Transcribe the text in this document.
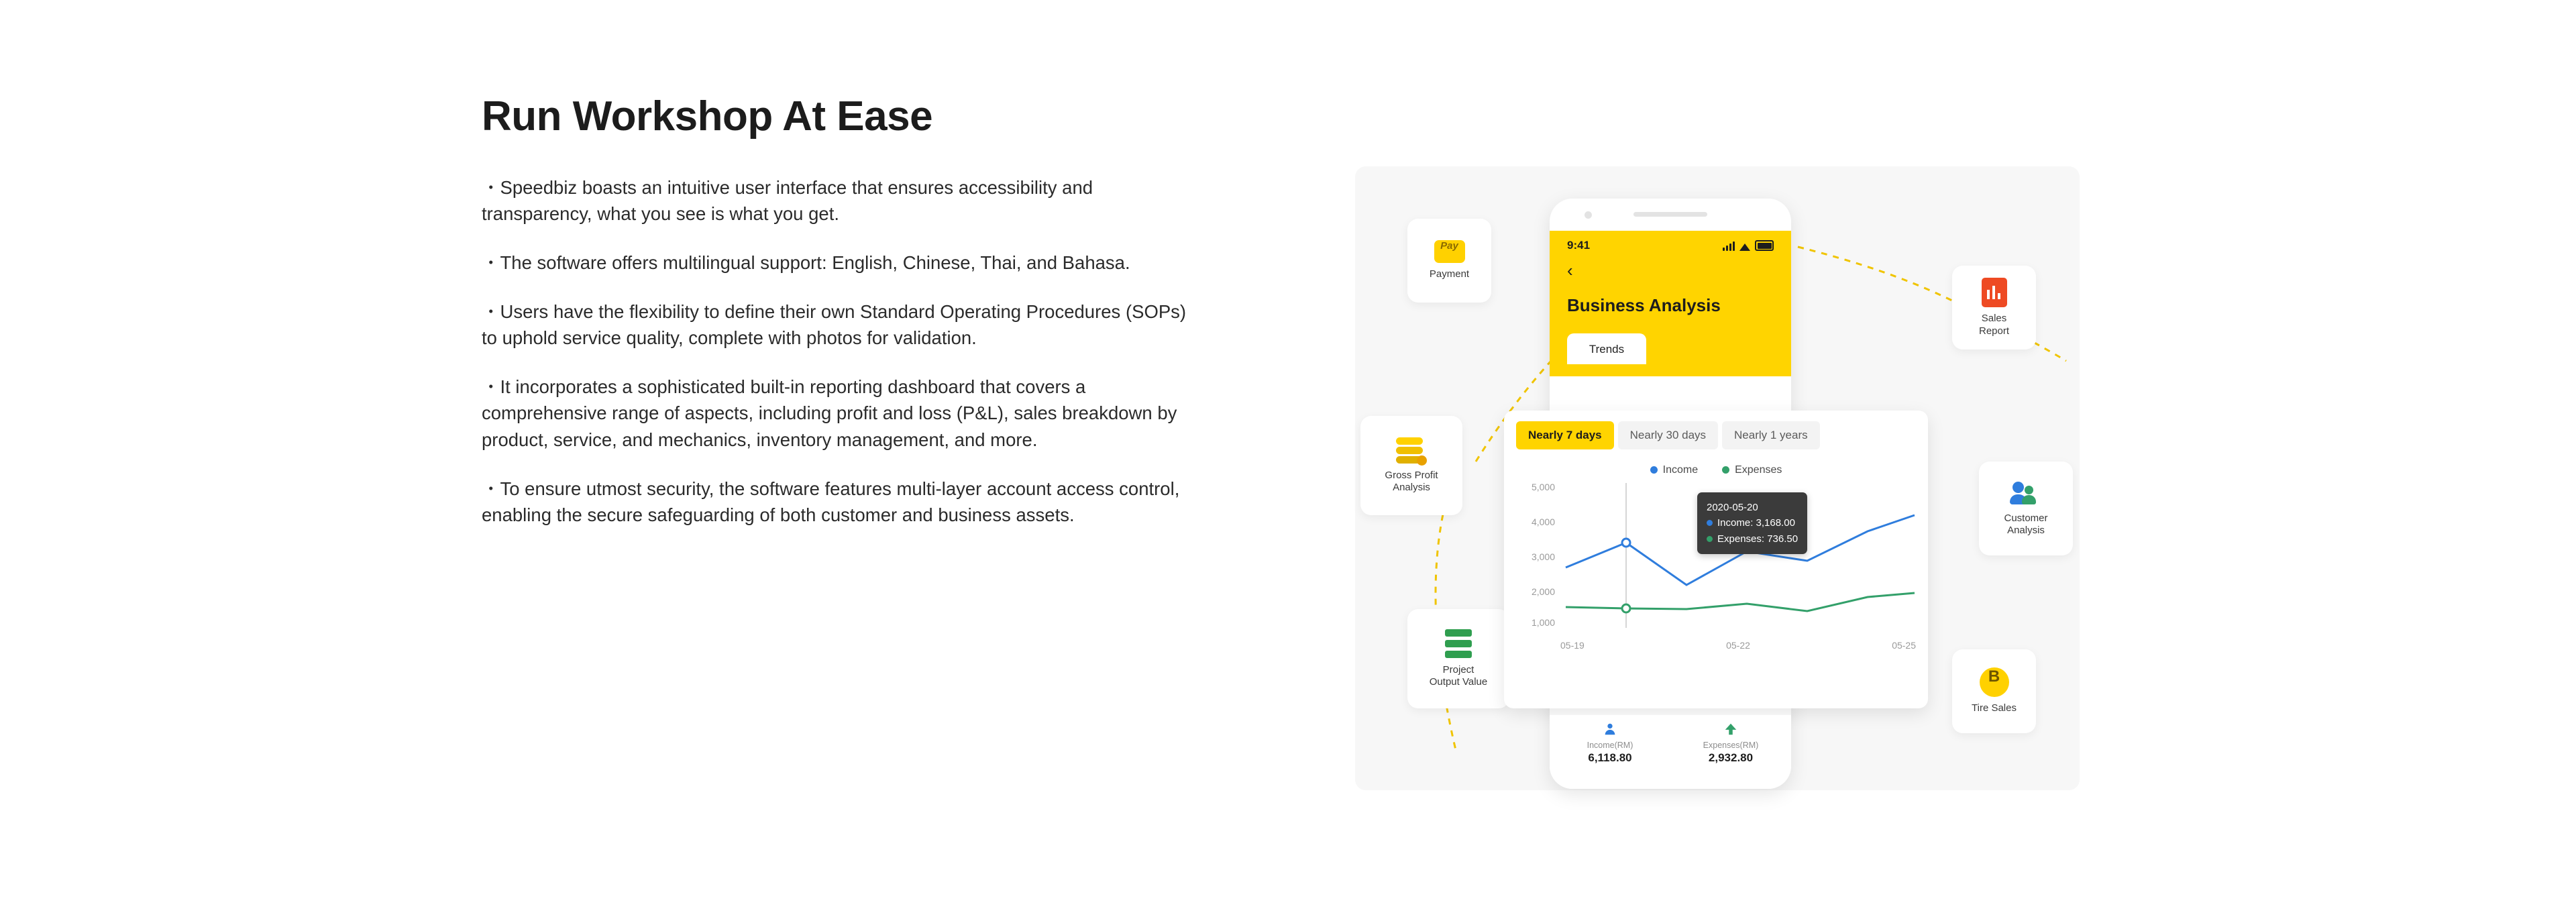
Run Workshop At Ease

・Speedbiz boasts an intuitive user interface that ensures accessibility and transparency, what you see is what you get.

・The software offers multilingual support: English, Chinese, Thai, and Bahasa.

・Users have the flexibility to define their own Standard Operating Procedures (SOPs) to uphold service quality, complete with photos for validation.

・It incorporates a sophisticated built-in reporting dashboard that covers a comprehensive range of aspects, including profit and loss (P&L), sales breakdown by product, service, and mechanics, inventory management, and more.

・To ensure utmost security, the software features multi-layer account access control, enabling the secure safeguarding of both customer and business assets.

Pay
Payment
Gross Profit
Analysis
Project
Output Value
Sales
Report
Customer
Analysis
B
Tire Sales
9:41
‹
Business Analysis
Trends
Nearly 7 days	Nearly 30 days	Nearly 1 years
Income	Expenses
5,000
4,000
3,000
2,000
1,000
2020-05-20
Income: 3,168.00
Expenses: 736.50
05-19	05-22	05-25
Income(RM)
6,118.80
Expenses(RM)
2,932.80
